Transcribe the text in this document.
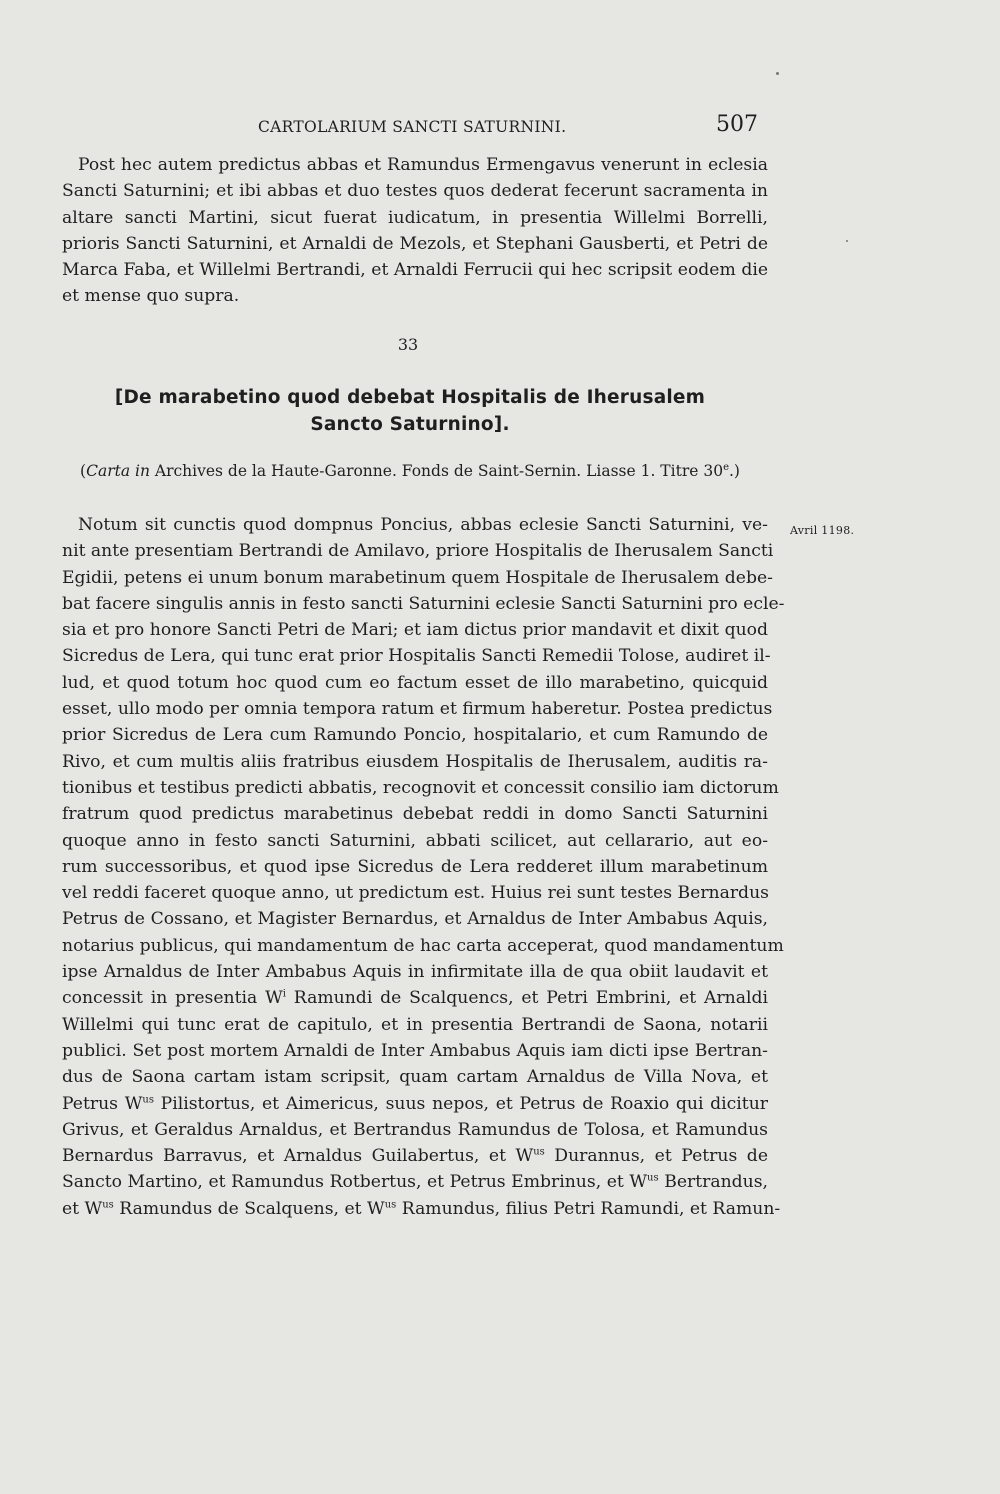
CARTOLARIUM SANCTI SATURNINI.	507
Post hec autem predictus abbas et Ramundus Ermengavus venerunt in eclesia
Sancti Saturnini; et ibi abbas et duo testes quos dederat fecerunt sacramenta in
altare sancti Martini, sicut fuerat iudicatum, in presentia Willelmi Borrelli,
prioris Sancti Saturnini, et Arnaldi de Mezols, et Stephani Gausberti, et Petri de
Marca Faba, et Willelmi Bertrandi, et Arnaldi Ferrucii qui hec scripsit eodem die
et mense quo supra.
33
[De marabetino quod debebat Hospitalis de Iherusalem
Sancto Saturnino].
(Carta in Archives de la Haute-Garonne. Fonds de Saint-Sernin. Liasse 1. Titre 30e.)
Avril 1198.
Notum sit cunctis quod dompnus Poncius, abbas eclesie Sancti Saturnini, ve-
nit ante presentiam Bertrandi de Amilavo, priore Hospitalis de Iherusalem Sancti
Egidii, petens ei unum bonum marabetinum quem Hospitale de Iherusalem debe-
bat facere singulis annis in festo sancti Saturnini eclesie Sancti Saturnini pro ecle-
sia et pro honore Sancti Petri de Mari; et iam dictus prior mandavit et dixit quod
Sicredus de Lera, qui tunc erat prior Hospitalis Sancti Remedii Tolose, audiret il-
lud, et quod totum hoc quod cum eo factum esset de illo marabetino, quicquid
esset, ullo modo per omnia tempora ratum et firmum haberetur. Postea predictus
prior Sicredus de Lera cum Ramundo Poncio, hospitalario, et cum Ramundo de
Rivo, et cum multis aliis fratribus eiusdem Hospitalis de Iherusalem, auditis ra-
tionibus et testibus predicti abbatis, recognovit et concessit consilio iam dictorum
fratrum quod predictus marabetinus debebat reddi in domo Sancti Saturnini
quoque anno in festo sancti Saturnini, abbati scilicet, aut cellarario, aut eo-
rum successoribus, et quod ipse Sicredus de Lera redderet illum marabetinum
vel reddi faceret quoque anno, ut predictum est. Huius rei sunt testes Bernardus
Petrus de Cossano, et Magister Bernardus, et Arnaldus de Inter Ambabus Aquis,
notarius publicus, qui mandamentum de hac carta acceperat, quod mandamentum
ipse Arnaldus de Inter Ambabus Aquis in infirmitate illa de qua obiit laudavit et
concessit in presentia $W^i$ Ramundi de Scalquencs, et Petri Embrini, et Arnaldi
Willelmi qui tunc erat de capitulo, et in presentia Bertrandi de Saona, notarii
publici. Set post mortem Arnaldi de Inter Ambabus Aquis iam dicti ipse Bertran-
dus de Saona cartam istam scripsit, quam cartam Arnaldus de Villa Nova, et
Petrus $W^{us}$ Pilistortus, et Aimericus, suus nepos, et Petrus de Roaxio qui dicitur
Grivus, et Geraldus Arnaldus, et Bertrandus Ramundus de Tolosa, et Ramundus
Bernardus Barravus, et Arnaldus Guilabertus, et $W^{us}$ Durannus, et Petrus de
Sancto Martino, et Ramundus Rotbertus, et Petrus Embrinus, et $W^{us}$ Bertrandus,
et $W^{us}$ Ramundus de Scalquens, et $W^{us}$ Ramundus, filius Petri Ramundi, et Ramun-
